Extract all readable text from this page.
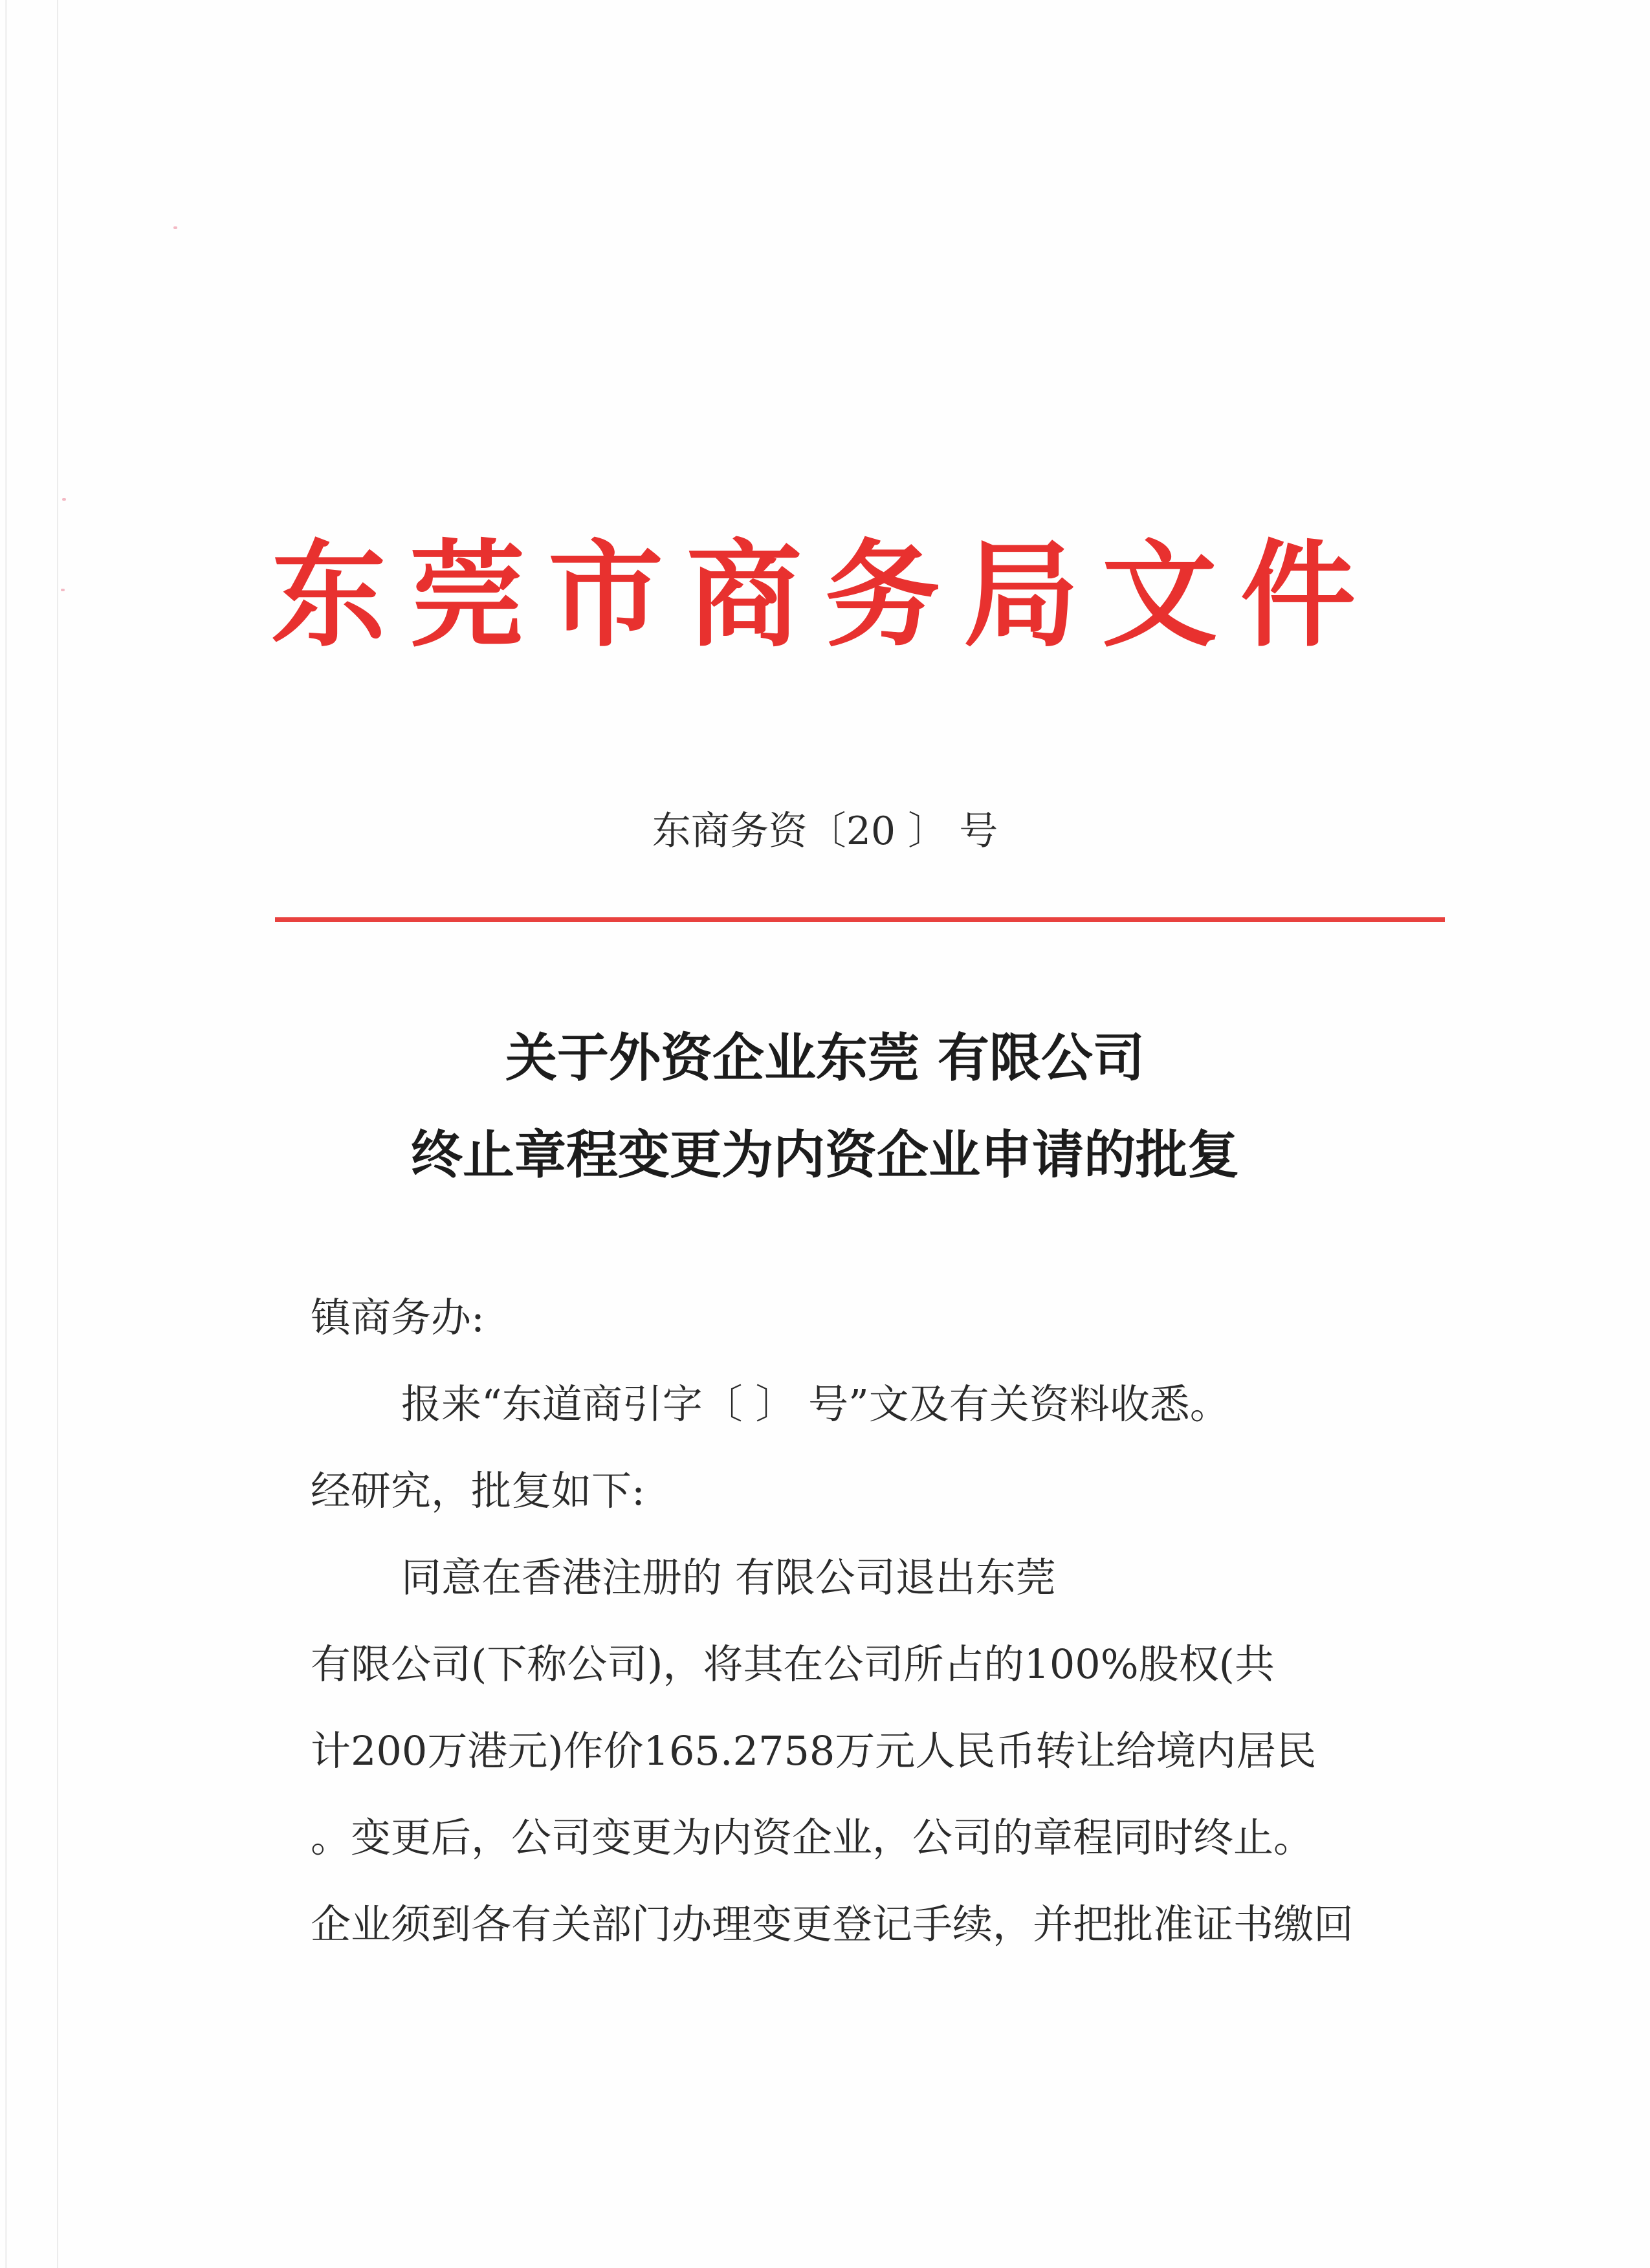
东莞市商务局文件
东商务资〔20 〕 号
关于外资企业东莞 有限公司
终止章程变更为内资企业申请的批复
镇商务办:
报来“东道商引字〔 〕 号”文及有关资料收悉。
经研究，批复如下:
同意在香港注册的 有限公司退出东莞
有限公司(下称公司)，将其在公司所占的100%股权(共
计200万港元)作价165.2758万元人民币转让给境内居民
。变更后，公司变更为内资企业，公司的章程同时终止。
企业须到各有关部门办理变更登记手续，并把批准证书缴回
